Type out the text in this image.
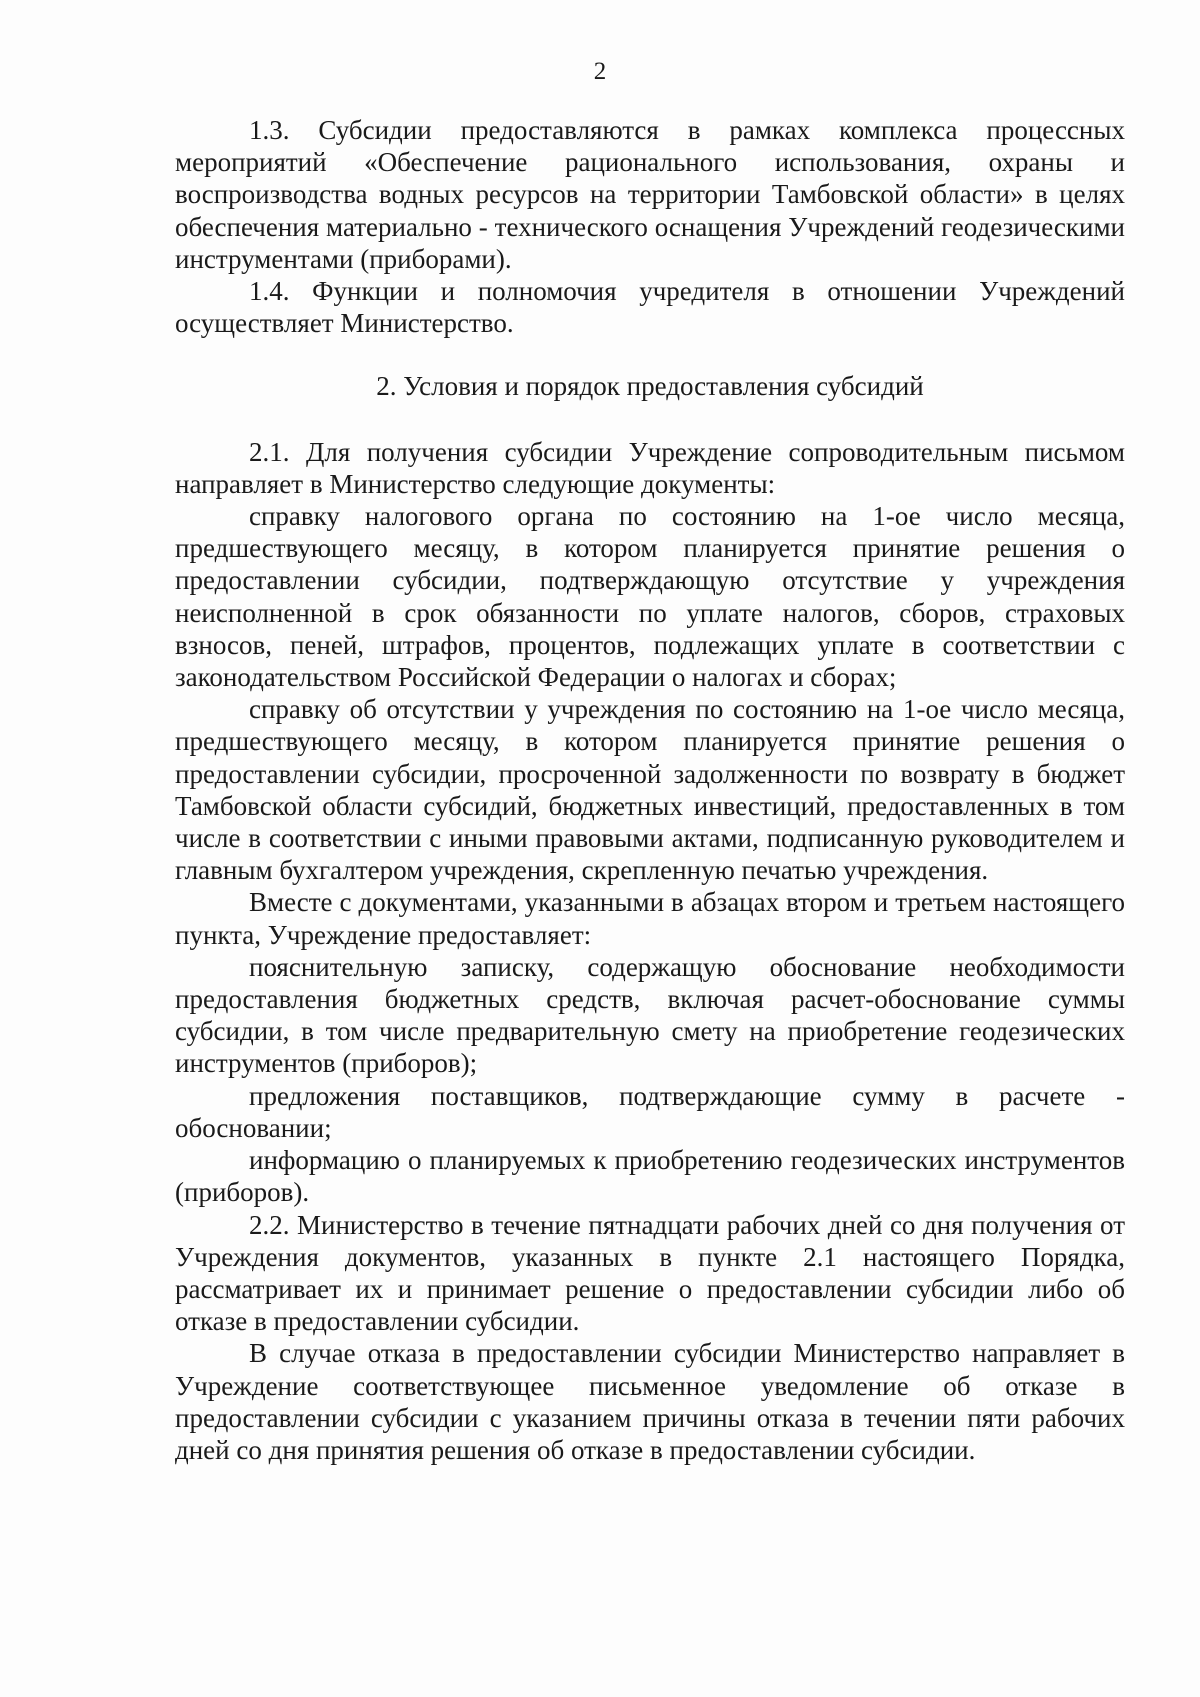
2

1.3. Субсидии предоставляются в рамках комплекса процессных мероприятий «Обеспечение рационального использования, охраны и воспроизводства водных ресурсов на территории Тамбовской области» в целях обеспечения материально - технического оснащения Учреждений геодезическими инструментами (приборами).

1.4. Функции и полномочия учредителя в отношении Учреждений осуществляет Министерство.

2. Условия и порядок предоставления субсидий

2.1. Для получения субсидии Учреждение сопроводительным письмом направляет в Министерство следующие документы:

справку налогового органа по состоянию на 1-ое число месяца, предшествующего месяцу, в котором планируется принятие решения о предоставлении субсидии, подтверждающую отсутствие у учреждения неисполненной в срок обязанности по уплате налогов, сборов, страховых взносов, пеней, штрафов, процентов, подлежащих уплате в соответствии с законодательством Российской Федерации о налогах и сборах;

справку об отсутствии у учреждения по состоянию на 1-ое число месяца, предшествующего месяцу, в котором планируется принятие решения о предоставлении субсидии, просроченной задолженности по возврату в бюджет Тамбовской области субсидий, бюджетных инвестиций, предоставленных в том числе в соответствии с иными правовыми актами, подписанную руководителем и главным бухгалтером учреждения, скрепленную печатью учреждения.

Вместе с документами, указанными в абзацах втором и третьем настоящего пункта, Учреждение предоставляет:

пояснительную записку, содержащую обоснование необходимости предоставления бюджетных средств, включая расчет-обоснование суммы субсидии, в том числе предварительную смету на приобретение геодезических инструментов (приборов);

предложения поставщиков, подтверждающие сумму в расчете - обосновании;

информацию о планируемых к приобретению геодезических инструментов (приборов).

2.2. Министерство в течение пятнадцати рабочих дней со дня получения от Учреждения документов, указанных в пункте 2.1 настоящего Порядка, рассматривает их и принимает решение о предоставлении субсидии либо об отказе в предоставлении субсидии.

В случае отказа в предоставлении субсидии Министерство направляет в Учреждение соответствующее письменное уведомление об отказе в предоставлении субсидии с указанием причины отказа в течении пяти рабочих дней со дня принятия решения об отказе в предоставлении субсидии.
